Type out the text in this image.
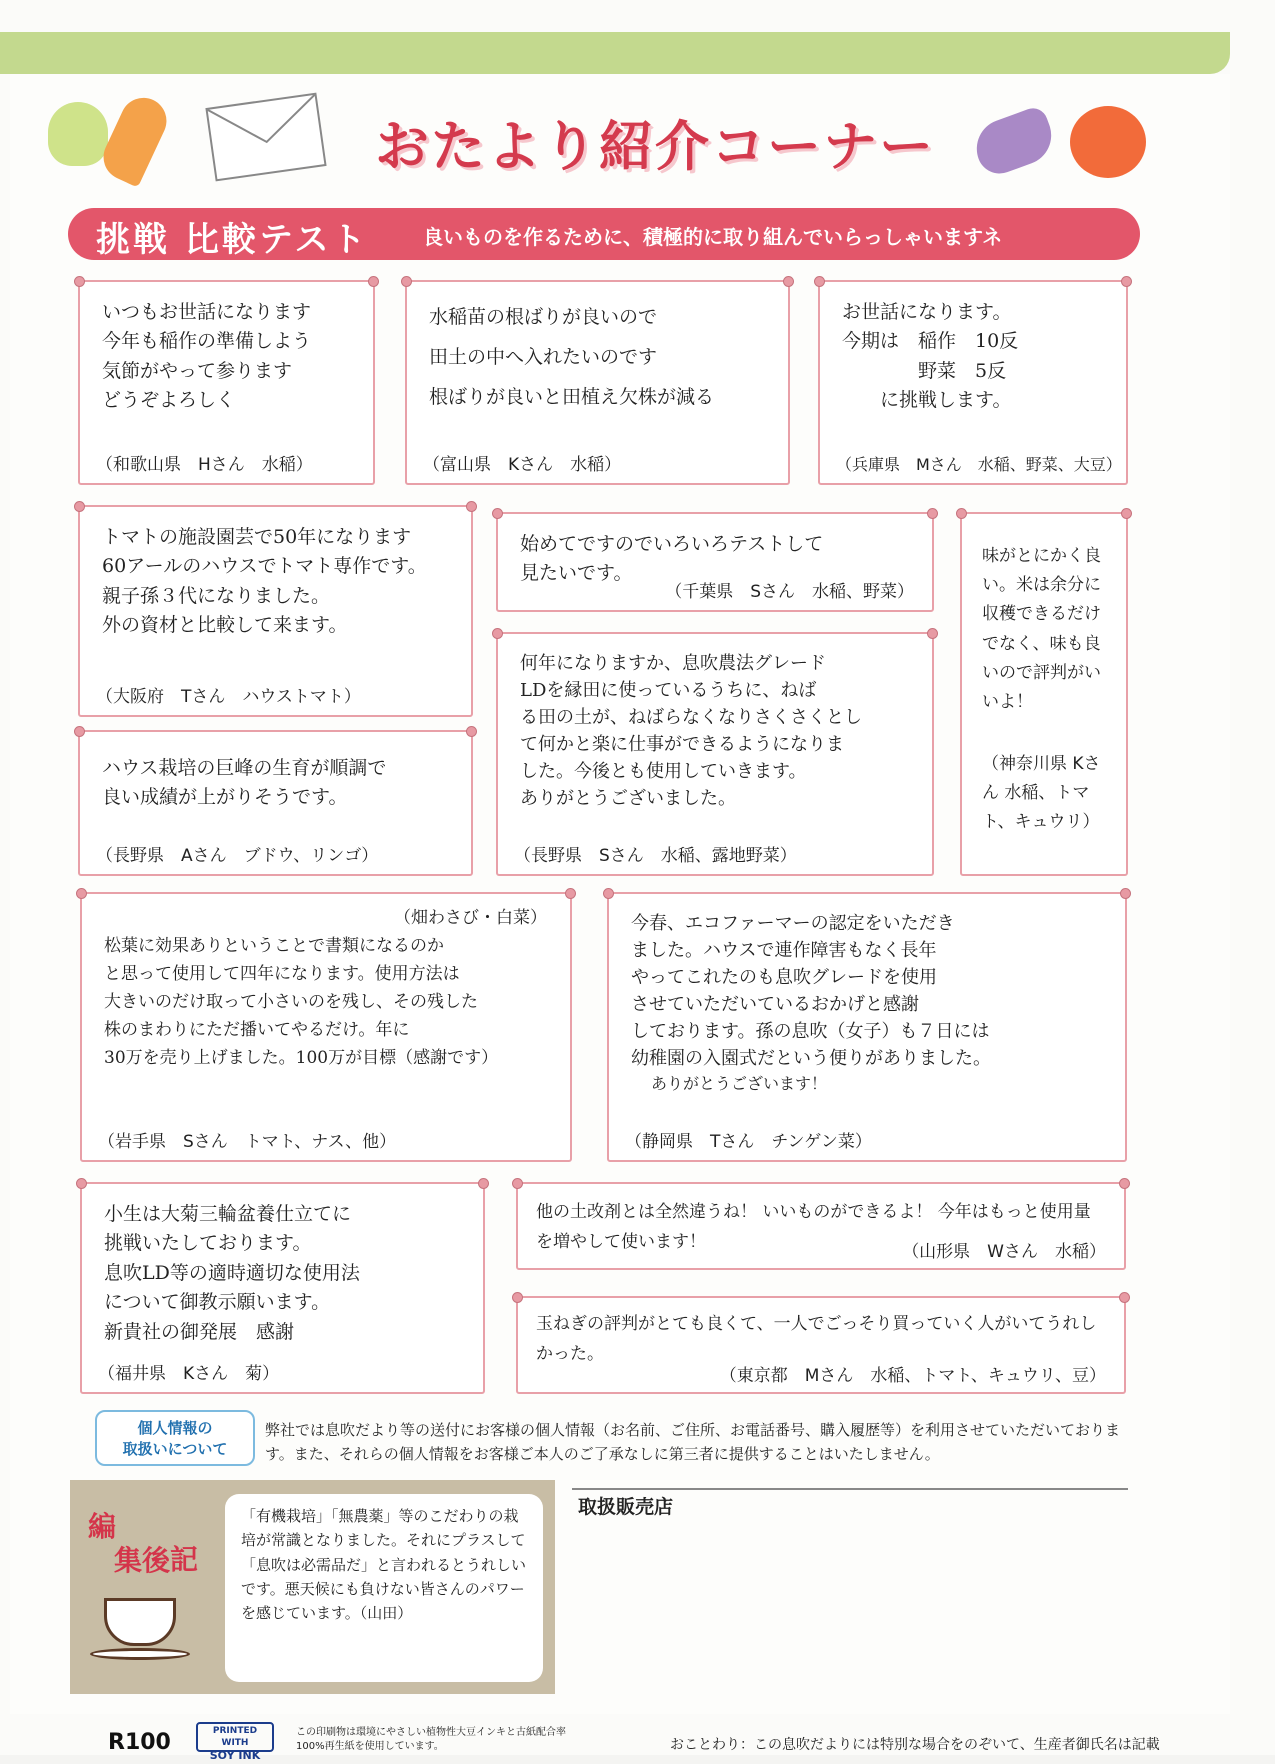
おたより紹介コーナー
挑戦 比較テスト	良いものを作るために、積極的に取り組んでいらっしゃいますネ
いつもお世話になります
今年も稲作の準備しよう
気節がやって参ります
どうぞよろしく
（和歌山県　Hさん　水稲）
水稲苗の根ばりが良いので
田土の中へ入れたいのです
根ばりが良いと田植え欠株が減る
（富山県　Kさん　水稲）
お世話になります。
今期は　稲作　10反
　　　　野菜　5反
　　に挑戦します。
（兵庫県　Mさん　水稲、野菜、大豆）
トマトの施設園芸で50年になります
60アールのハウスでトマト専作です。
親子孫３代になりました。
外の資材と比較して来ます。
（大阪府　Tさん　ハウストマト）
始めてですのでいろいろテストして
見たいです。
（千葉県　Sさん　水稲、野菜）
何年になりますか、息吹農法グレード
LDを縁田に使っているうちに、ねば
る田の土が、ねばらなくなりさくさくとし
て何かと楽に仕事ができるようになりま
した。今後とも使用していきます。
ありがとうございました。
（長野県　Sさん　水稲、露地野菜）
味がとにかく良い。米は余分に収穫できるだけでなく、味も良いので評判がいいよ！
（神奈川県 Kさん 水稲、トマト、キュウリ）
ハウス栽培の巨峰の生育が順調で
良い成績が上がりそうです。
（長野県　Aさん　ブドウ、リンゴ）
（畑わさび・白菜）
松葉に効果ありということで書類になるのか
と思って使用して四年になります。使用方法は
大きいのだけ取って小さいのを残し、その残した
株のまわりにただ播いてやるだけ。年に
30万を売り上げました。100万が目標（感謝です）
（岩手県　Sさん　トマト、ナス、他）
今春、エコファーマーの認定をいただき
ました。ハウスで連作障害もなく長年
やってこれたのも息吹グレードを使用
させていただいているおかげと感謝
しております。孫の息吹（女子）も７日には
幼稚園の入園式だという便りがありました。
ありがとうございます！
（静岡県　Tさん　チンゲン菜）
小生は大菊三輪盆養仕立てに
挑戦いたしております。
息吹LD等の適時適切な使用法
について御教示願います。
新貴社の御発展　感謝
（福井県　Kさん　菊）
他の土改剤とは全然違うね！ いいものができるよ！ 今年はもっと使用量を増やして使います！
（山形県　Wさん　水稲）
玉ねぎの評判がとても良くて、一人でごっそり買っていく人がいてうれしかった。
（東京都　Mさん　水稲、トマト、キュウリ、豆）
個人情報の
取扱いについて
弊社では息吹だより等の送付にお客様の個人情報（お名前、ご住所、お電話番号、購入履歴等）を利用させていただいております。また、それらの個人情報をお客様ご本人のご了承なしに第三者に提供することはいたしません。
編
集後 記
「有機栽培」「無農薬」等のこだわりの栽培が常識となりました。それにプラスして「息吹は必需品だ」と言われるとうれしいです。悪天候にも負けない皆さんのパワーを感じています。（山田）
取扱販売店
R100	PRINTED WITH
SOY INK
この印刷物は環境にやさしい植物性大豆インキと古紙配合率100%再生紙を使用しています。	おことわり：この息吹だよりには特別な場合をのぞいて、生産者御氏名は記載
